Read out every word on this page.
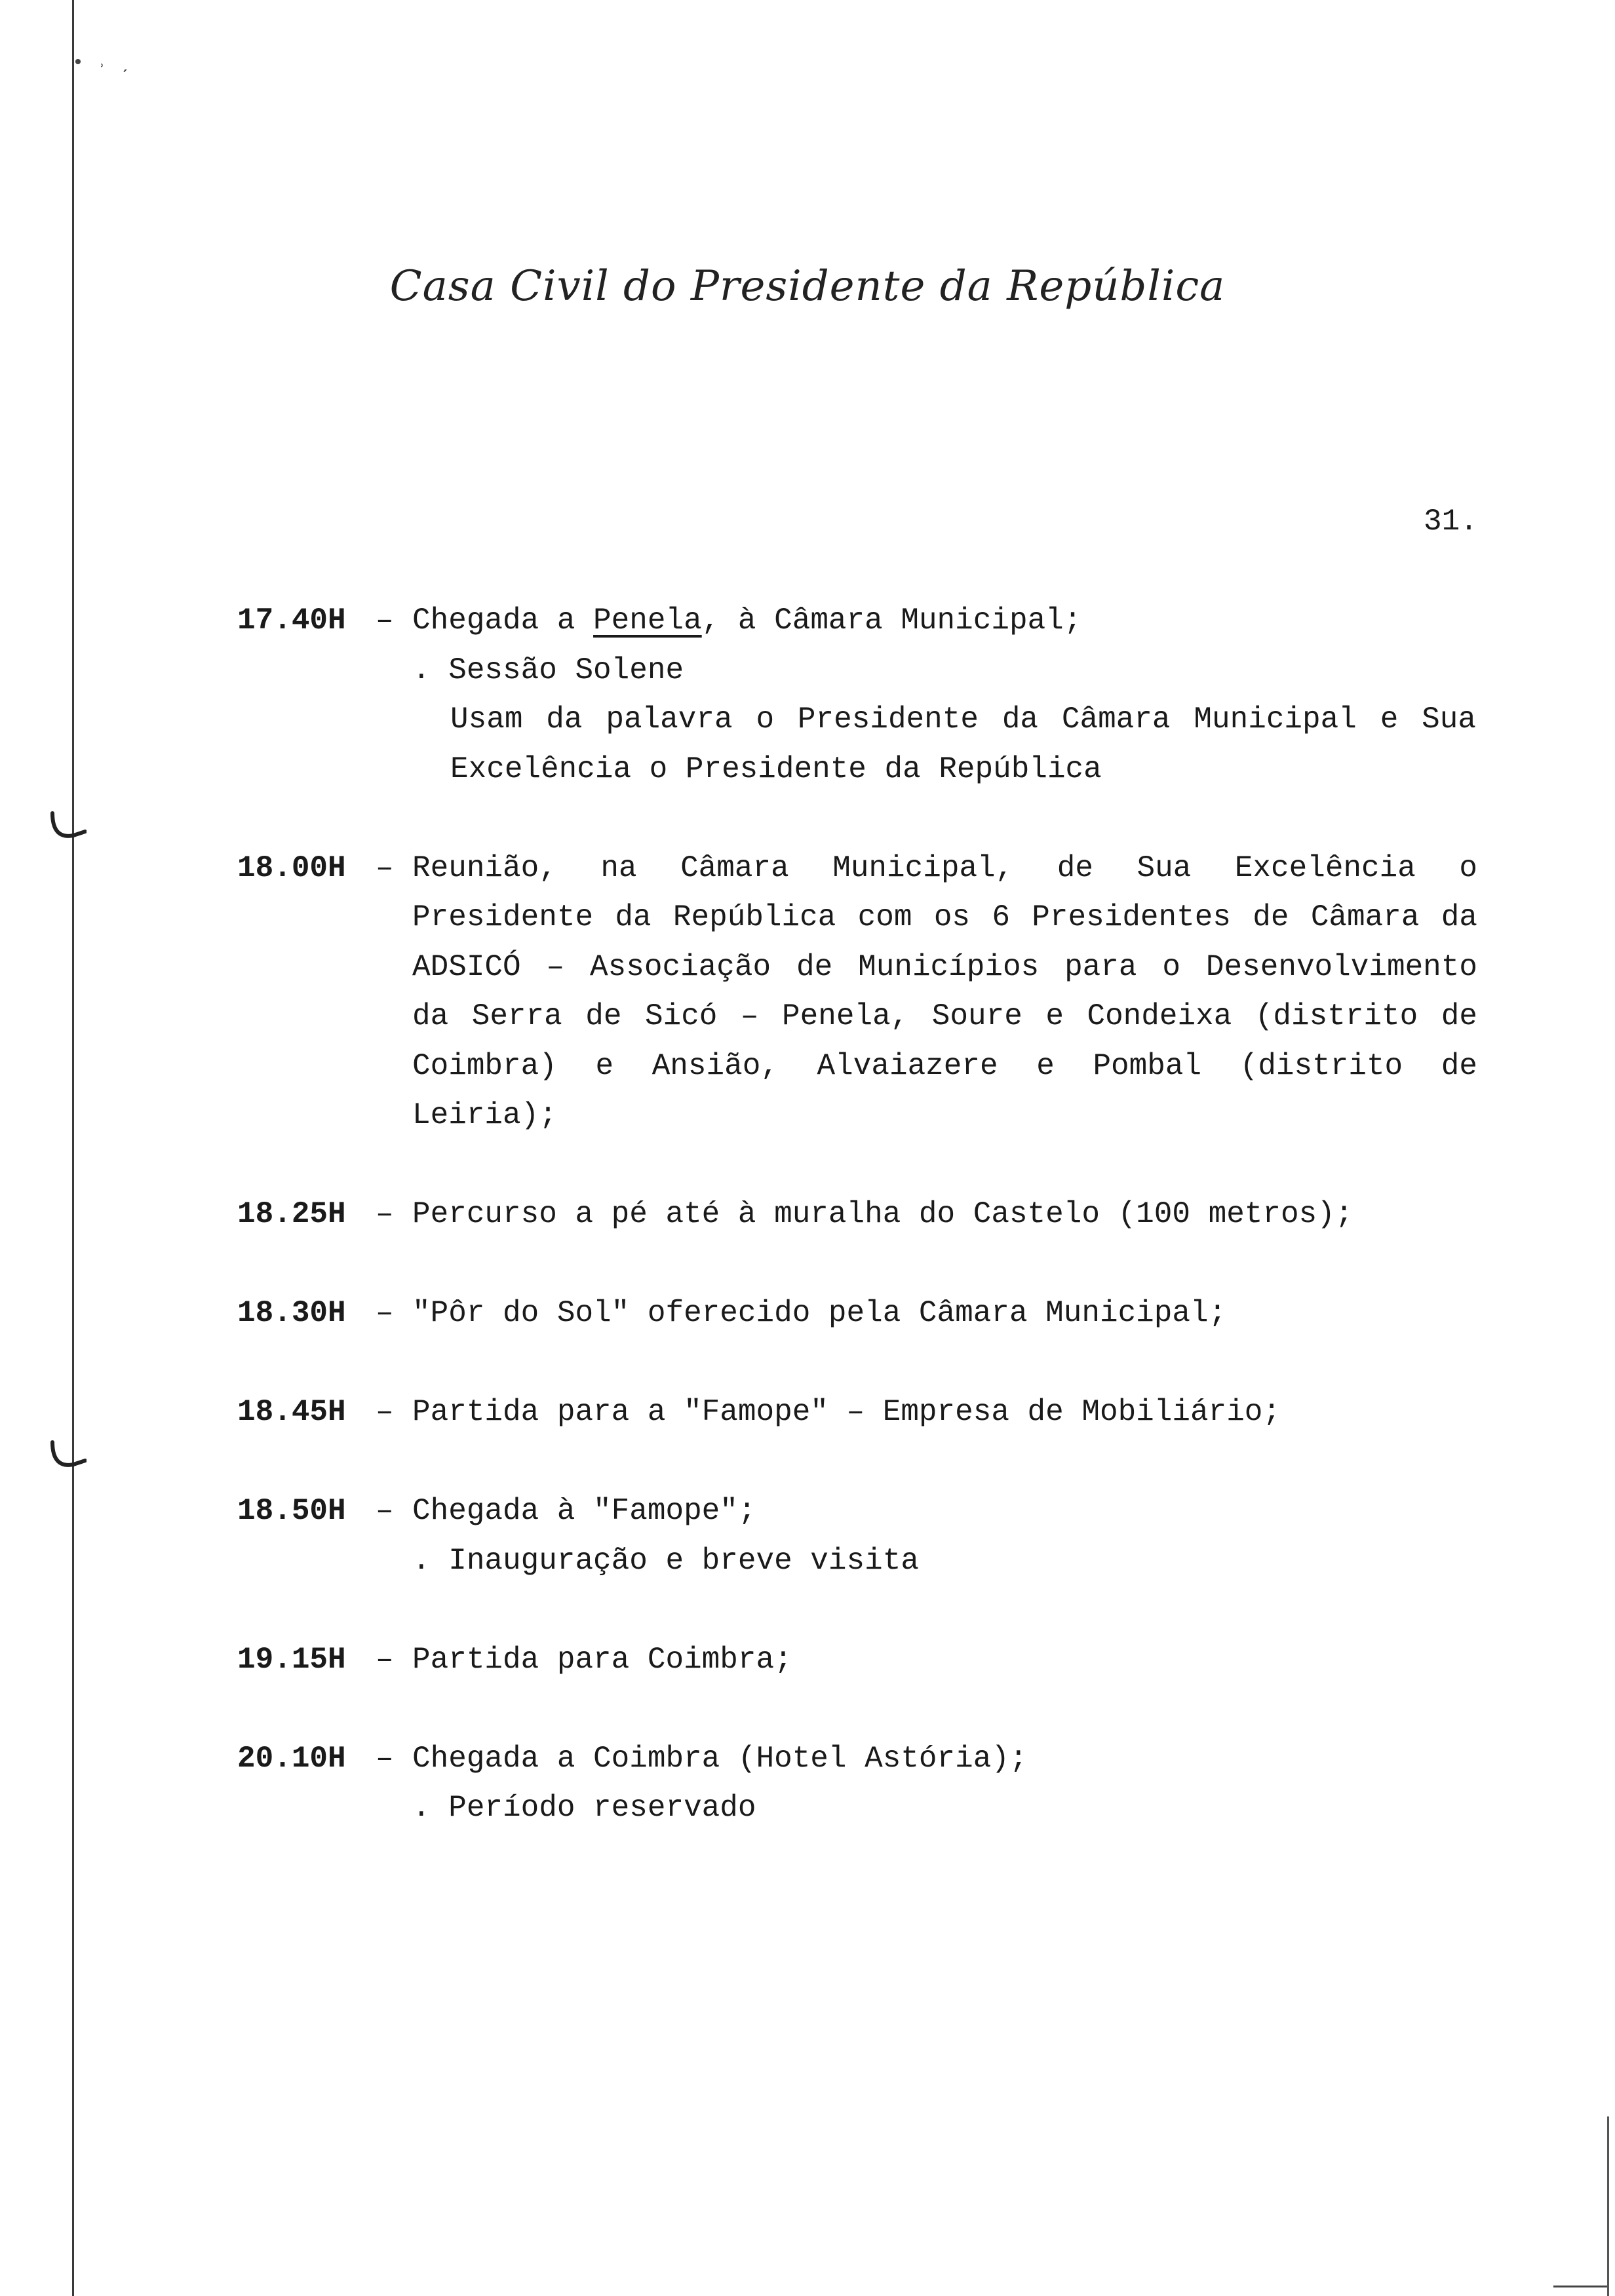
• ˒ ˏ
Casa Civil do Presidente da República
31.
17.40H – Chegada a Penela, à Câmara Municipal;
. Sessão Solene
Usam da palavra o Presidente da Câmara Municipal e Sua Excelência o Presidente da República
18.00H – Reunião, na Câmara Municipal, de Sua Excelência o Presidente da República com os 6 Presidentes de Câmara da ADSICÓ – Associação de Municípios para o Desenvolvimento da Serra de Sicó – Penela, Soure e Condeixa (distrito de Coimbra) e Ansião, Alvaiazere e Pombal (distrito de Leiria);
18.25H – Percurso a pé até à muralha do Castelo (100 metros);
18.30H – "Pôr do Sol" oferecido pela Câmara Municipal;
18.45H – Partida para a "Famope" – Empresa de Mobiliário;
18.50H – Chegada à "Famope";
. Inauguração e breve visita
19.15H – Partida para Coimbra;
20.10H – Chegada a Coimbra (Hotel Astória);
. Período reservado
